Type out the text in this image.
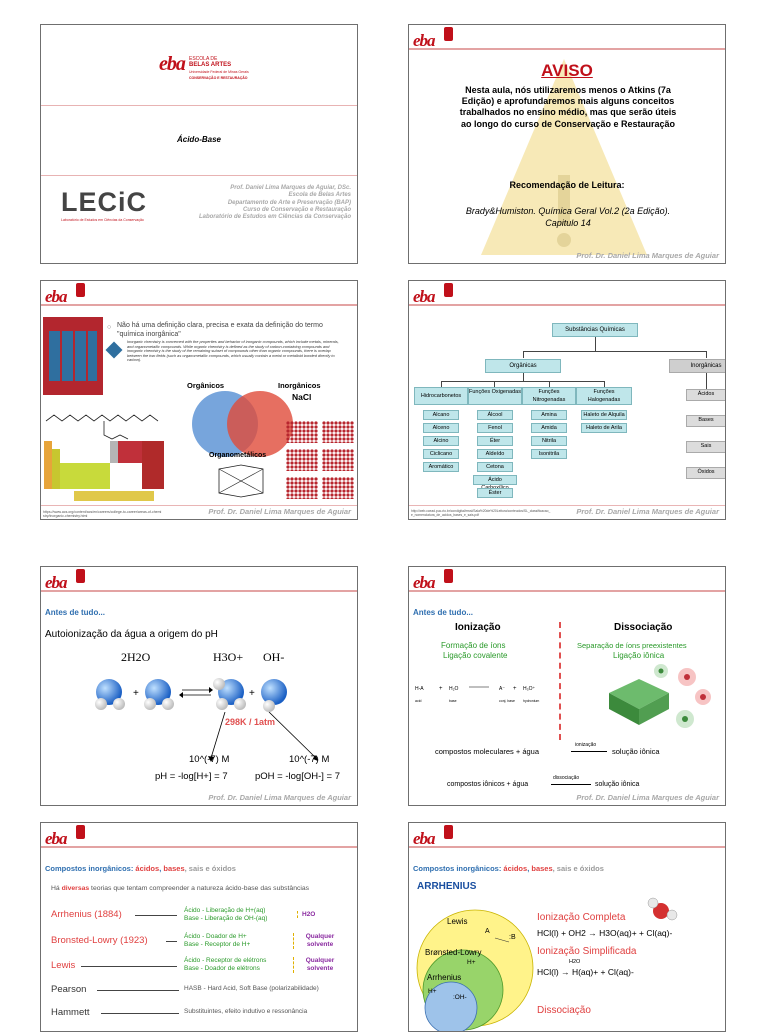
eba ESCOLA DE
BELAS ARTES
Universidade Federal de Minas Gerais
CONSERVAÇÃO E RESTAURAÇÃO
Ácido-Base
LECiC
Laboratório de Estudos em Ciências da Conservação
Prof. Daniel Lima Marques de Aguiar, DSc.
Escola de Belas Artes
Departamento de Arte e Preservação (BAP)
Curso de Conservação e Restauração
Laboratório de Estudos em Ciências da Conservação
eba
AVISO
Nesta aula, nós utilizaremos menos o Atkins (7a Edição) e aprofundaremos mais alguns conceitos trabalhados no ensino médio, mas que serão úteis ao longo do curso de Conservação e Restauração
Recomendação de Leitura:
Brady&Humiston. Química Geral Vol.2 (2a Edição). Capitulo 14
Prof. Dr. Daniel Lima Marques de Aguiar
eba
○ Não há uma definição clara, precisa e exata da definição do termo "química inorgânica"
Inorganic chemistry is concerned with the properties and behavior of inorganic compounds, which include metals, minerals, and organometallic compounds. While organic chemistry is defined as the study of carbon-containing compounds and inorganic chemistry is the study of the remaining subset of compounds other than organic compounds, there is overlap between the two fields (such as organometallic compounds, which usually contain a metal or metalloid bonded directly to carbon).
Orgânicos	Inorgânicos
NaCl
Organometálicos
https://www.acs.org/content/acs/en/careers/college-to-career/areas-of-chemistry/inorganic-chemistry.html	Prof. Dr. Daniel Lima Marques de Aguiar
eba
Substâncias Químicas
Orgânicas	Inorgânicas
Hidrocarbonetos
Funções Oxigenadas	Funções Nitrogenadas
Funções Halogenadas
Alcano
Alceno
Alcino
Ciclicano
Aromático
Álcool
Fenol
Éter
Aldeído
Cetona
Ácido
Éster
Amina
Amida
Nitrila
Isonitrila
Haleto de Alquila
Haleto de Arila
Ácidos
Bases
Sais
Óxidos
http://web.ccead.puc-rio.br/condigital/mvsl/Sala%20de%20Leitura/conteudos/SL_classificacao_e_nomenclatura_de_acidos_bases_e_sais.pdf	Prof. Dr. Daniel Lima Marques de Aguiar
eba
Antes de tudo...
Autoionização da água a origem do pH
2H2O	H3O+ OH-
+	+
298K / 1atm
10^(-7) M	10^(-7) M
pH = -log[H+] = 7	pOH = -log[OH-] = 7
Prof. Dr. Daniel Lima Marques de Aguiar
eba
Antes de tudo...
Ionização
Formação de íons
Ligação covalente
Dissociação
Separação de íons preexistentes
Ligação iônica
H-A	+ H₂O	A⁻ + H₃O⁺
acid	base	conj. base hydronium
compostos moleculares + água
ionização
solução iônica
compostos iônicos + água
dissociação
solução iônica
Prof. Dr. Daniel Lima Marques de Aguiar
eba
Compostos inorgânicos: ácidos, bases, sais e óxidos
Há diversas teorias que tentam compreender a natureza ácido-base das substâncias
Arrhenius (1884)	Ácido - Liberação de H+(aq)
Base - Liberação de OH-(aq)
H2O
Bronsted-Lowry (1923)	Ácido - Doador de H+
Base - Receptor de H+
Qualquer solvente
Lewis	Ácido - Receptor de elétrons
Base - Doador de elétrons
Qualquer solvente
Pearson	HASB - Hard Acid, Soft Base (polarizabilidade)
Hammett	Substituintes, efeito indutivo e ressonância
eba
Compostos inorgânicos: ácidos, bases, sais e óxidos
ARRHENIUS
Lewis
A
:B
Brønsted-Lowry
H+
Arrhenius
H+
:OH-
Ionização Completa
HCl(l) + OH2 → H3O(aq)+ + Cl(aq)-
Ionização Simplificada
H2O
HCl(l) → H(aq)+ + Cl(aq)-
Dissociação
